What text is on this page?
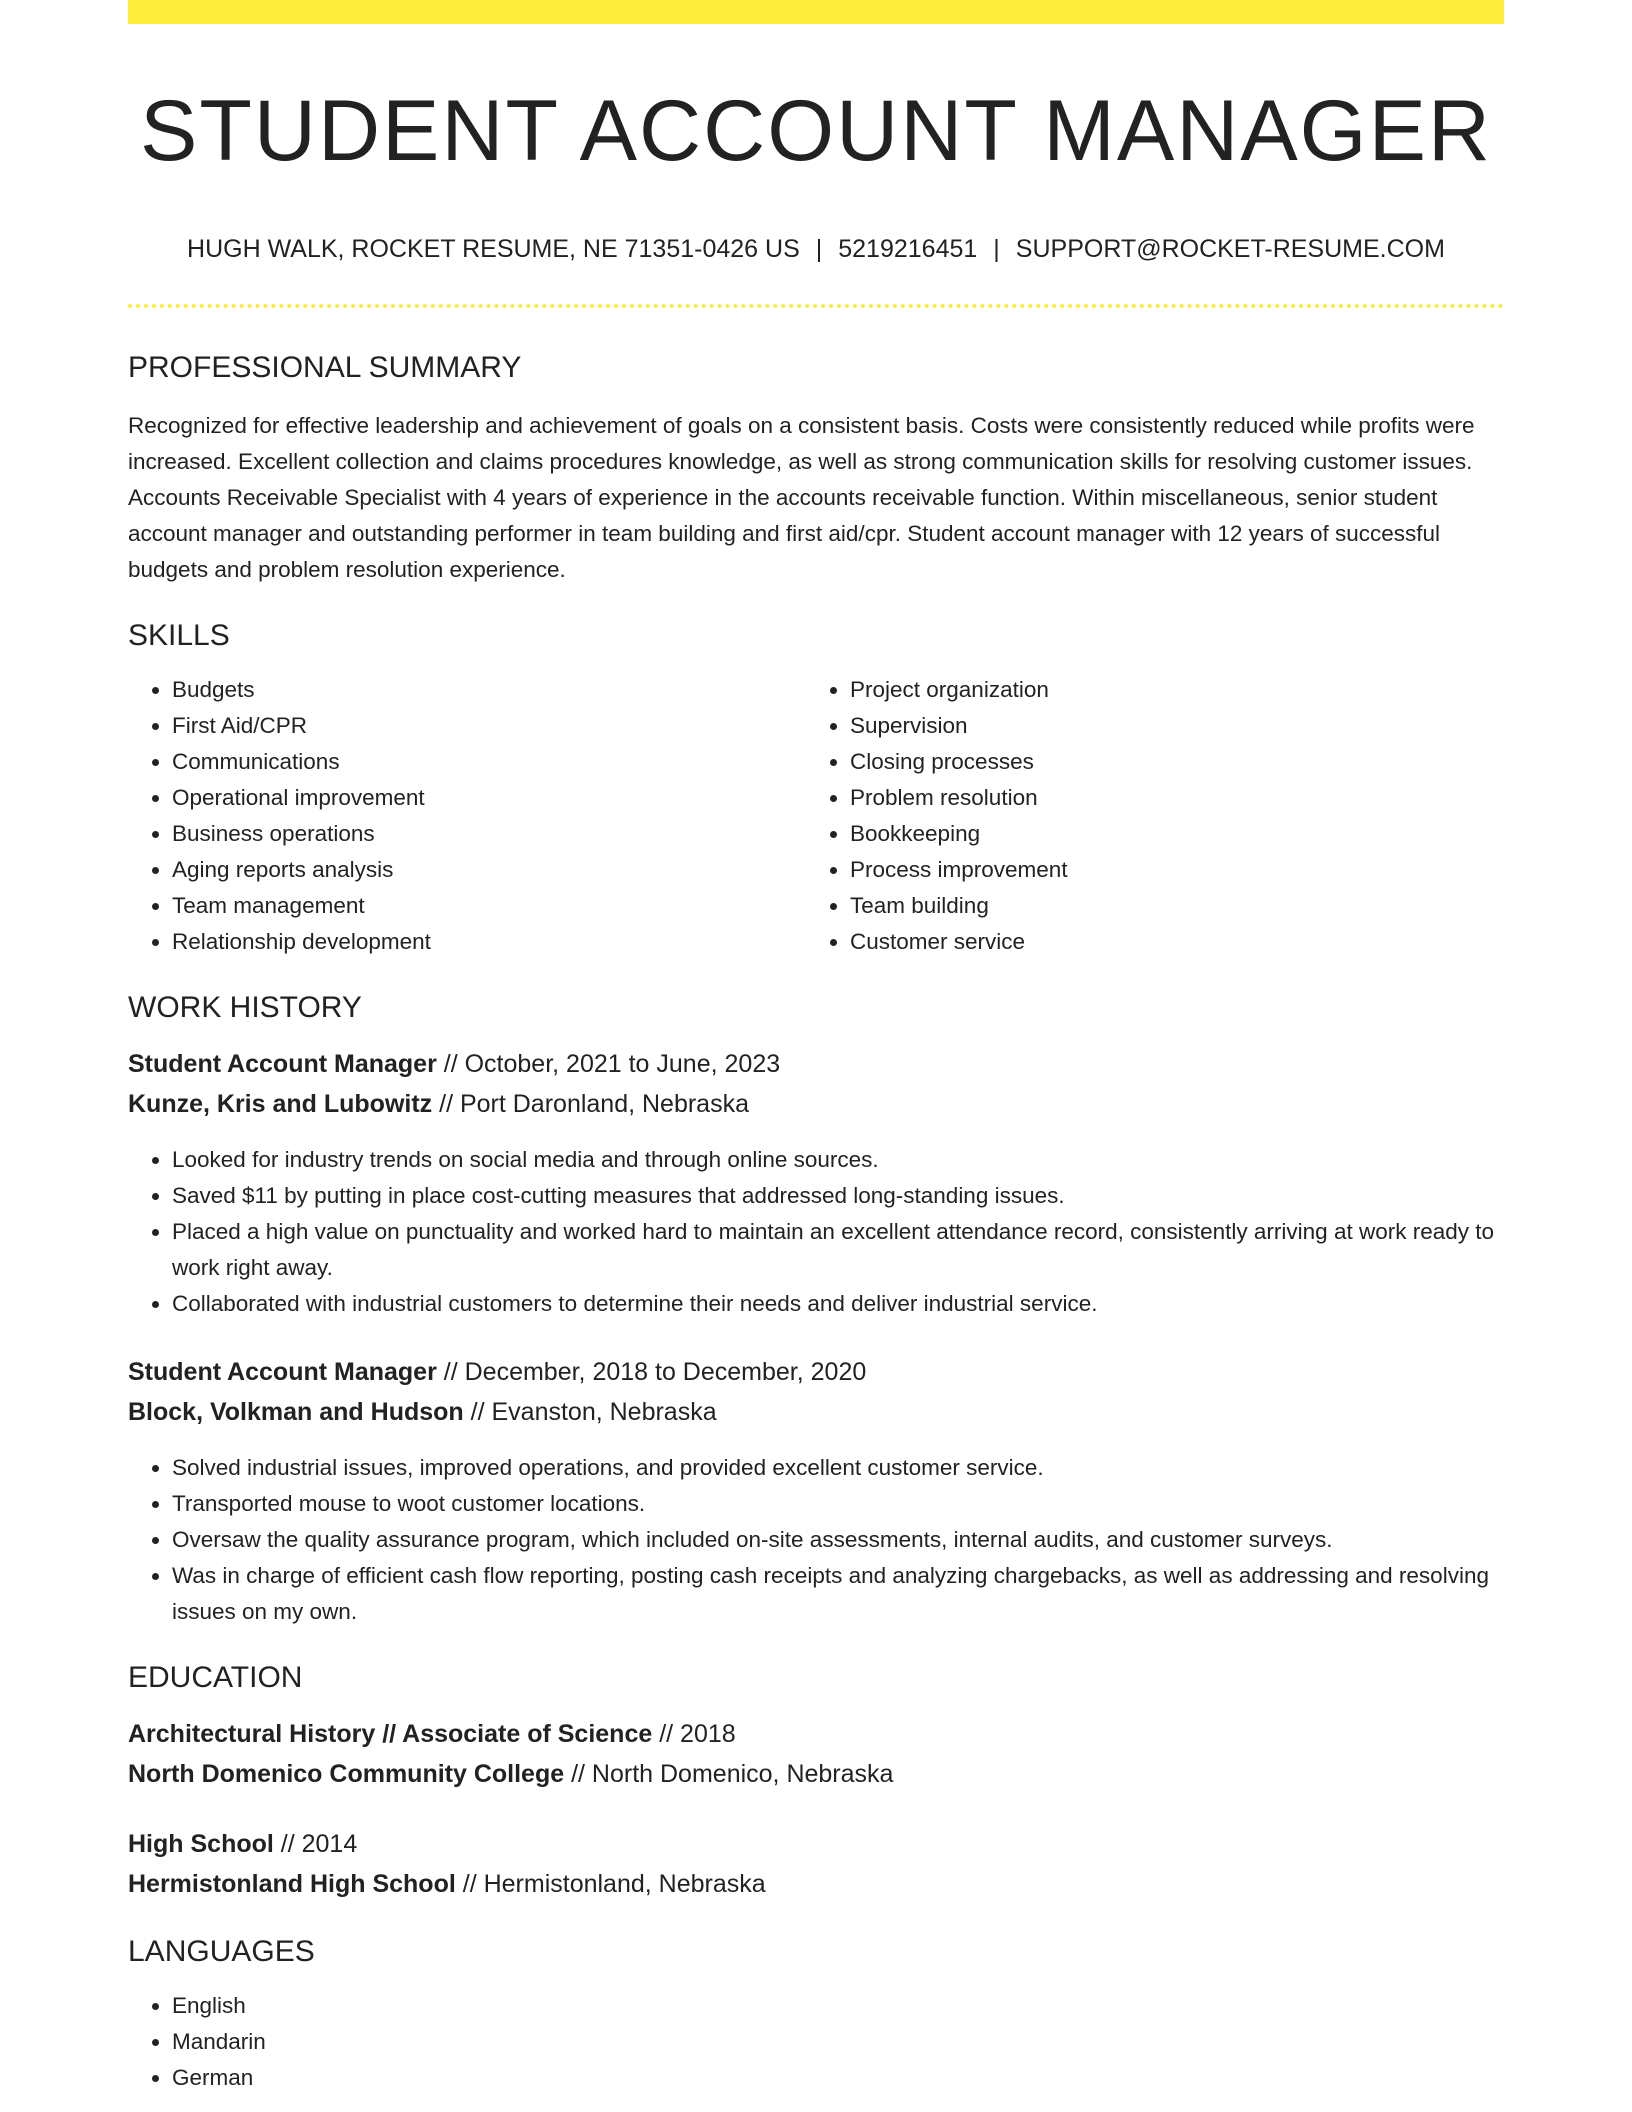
STUDENT ACCOUNT MANAGER
HUGH WALK, ROCKET RESUME, NE 71351-0426 US | 5219216451 | SUPPORT@ROCKET-RESUME.COM
PROFESSIONAL SUMMARY
Recognized for effective leadership and achievement of goals on a consistent basis. Costs were consistently reduced while profits were increased. Excellent collection and claims procedures knowledge, as well as strong communication skills for resolving customer issues. Accounts Receivable Specialist with 4 years of experience in the accounts receivable function. Within miscellaneous, senior student account manager and outstanding performer in team building and first aid/cpr. Student account manager with 12 years of successful budgets and problem resolution experience.
SKILLS
• Budgets
• First Aid/CPR
• Communications
• Operational improvement
• Business operations
• Aging reports analysis
• Team management
• Relationship development
• Project organization
• Supervision
• Closing processes
• Problem resolution
• Bookkeeping
• Process improvement
• Team building
• Customer service
WORK HISTORY
Student Account Manager // October, 2021 to June, 2023
Kunze, Kris and Lubowitz // Port Daronland, Nebraska
• Looked for industry trends on social media and through online sources.
• Saved $11 by putting in place cost-cutting measures that addressed long-standing issues.
• Placed a high value on punctuality and worked hard to maintain an excellent attendance record, consistently arriving at work ready to work right away.
• Collaborated with industrial customers to determine their needs and deliver industrial service.
Student Account Manager // December, 2018 to December, 2020
Block, Volkman and Hudson // Evanston, Nebraska
• Solved industrial issues, improved operations, and provided excellent customer service.
• Transported mouse to woot customer locations.
• Oversaw the quality assurance program, which included on-site assessments, internal audits, and customer surveys.
• Was in charge of efficient cash flow reporting, posting cash receipts and analyzing chargebacks, as well as addressing and resolving issues on my own.
EDUCATION
Architectural History // Associate of Science // 2018
North Domenico Community College // North Domenico, Nebraska
High School // 2014
Hermistonland High School // Hermistonland, Nebraska
LANGUAGES
• English
• Mandarin
• German
